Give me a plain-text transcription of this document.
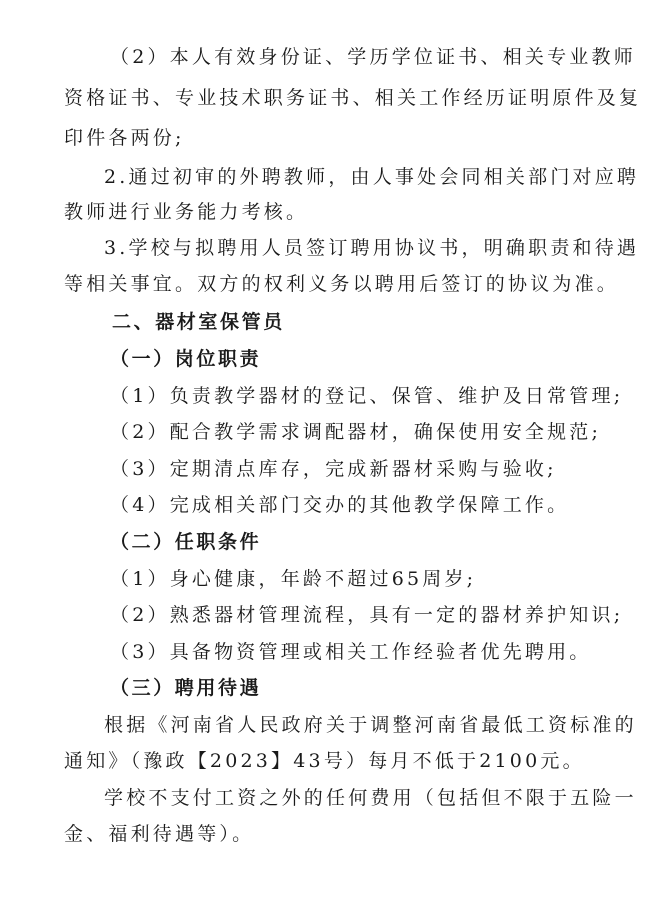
（2）本人有效身份证、学历学位证书、相关专业教师
资格证书、专业技术职务证书、相关工作经历证明原件及复
印件各两份;
2.通过初审的外聘教师，由人事处会同相关部门对应聘
教师进行业务能力考核。
3.学校与拟聘用人员签订聘用协议书，明确职责和待遇
等相关事宜。双方的权利义务以聘用后签订的协议为准。
二、器材室保管员
（一）岗位职责
（1）负责教学器材的登记、保管、维护及日常管理;
（2）配合教学需求调配器材，确保使用安全规范;
（3）定期清点库存，完成新器材采购与验收;
（4）完成相关部门交办的其他教学保障工作。
（二）任职条件
（1）身心健康，年龄不超过65周岁;
（2）熟悉器材管理流程，具有一定的器材养护知识;
（3）具备物资管理或相关工作经验者优先聘用。
（三）聘用待遇
根据《河南省人民政府关于调整河南省最低工资标准的
通知》（豫政【2023】43号）每月不低于2100元。
学校不支付工资之外的任何费用（包括但不限于五险一
金、福利待遇等）。
